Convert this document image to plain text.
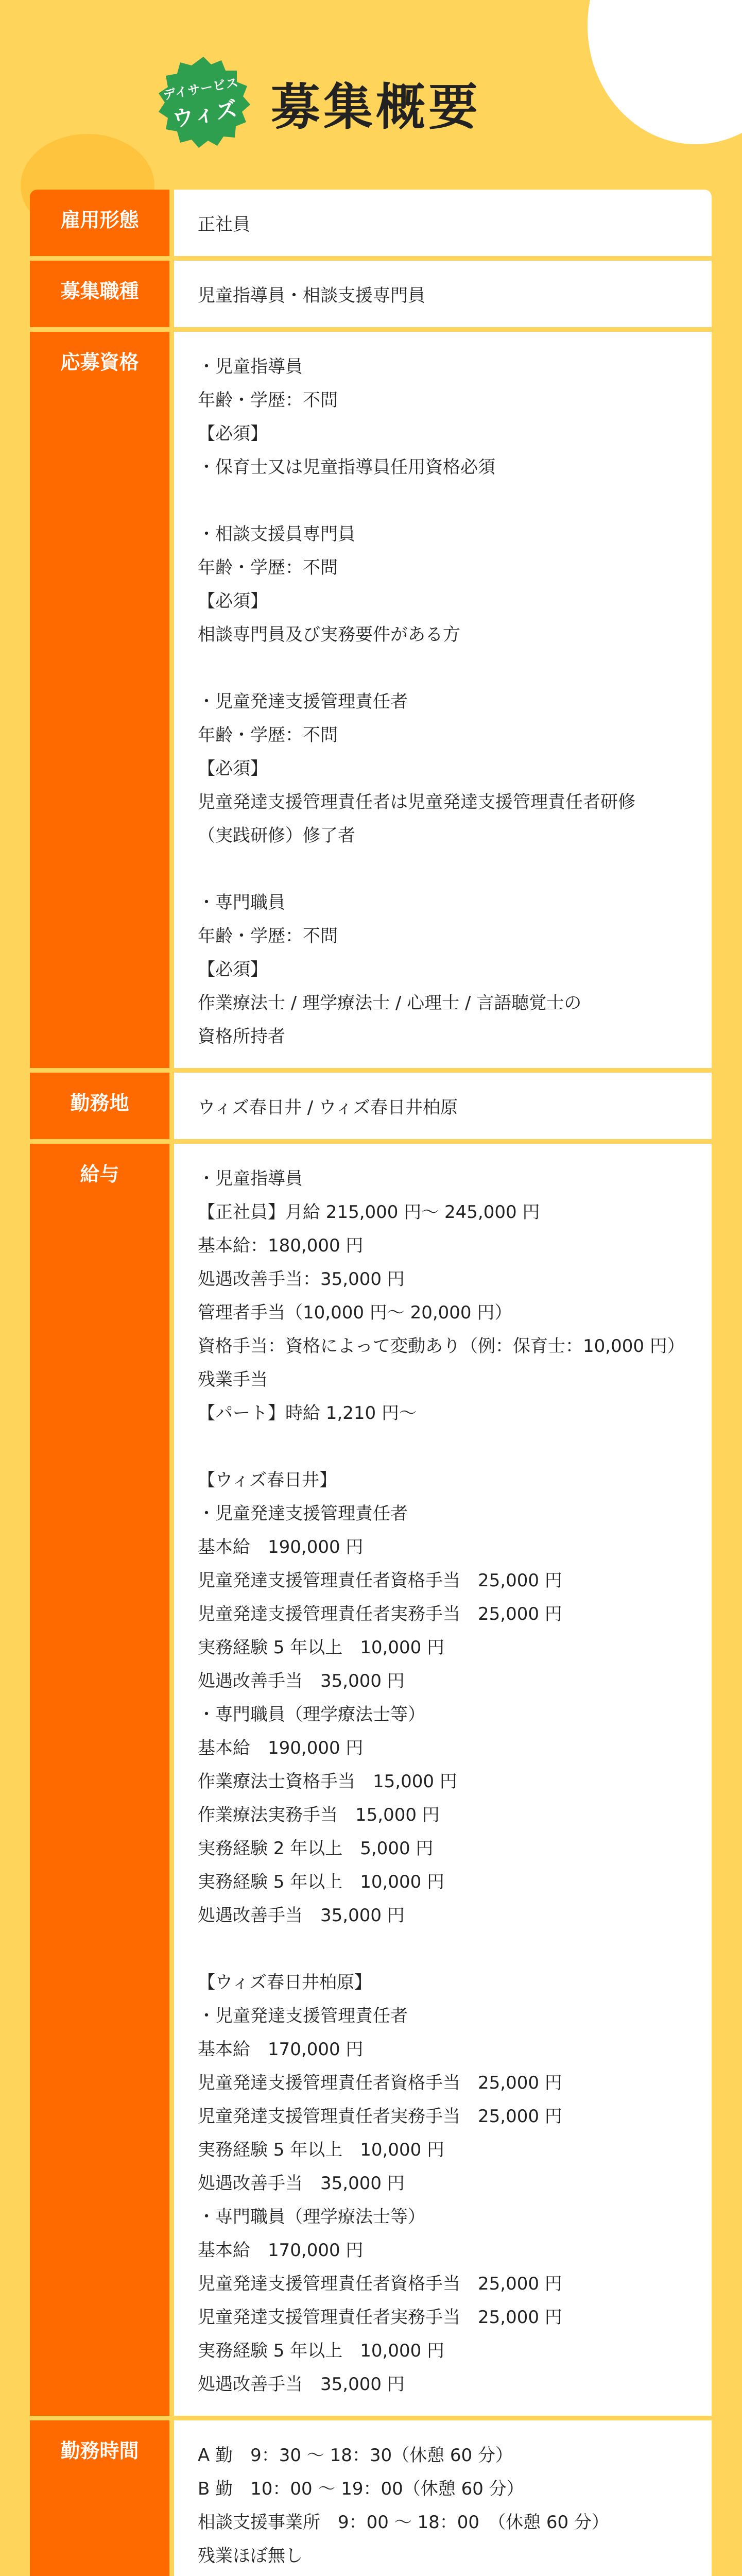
デイサービス
ウィズ 募集概要
雇用形態	正社員
募集職種	児童指導員・相談支援専門員
応募資格	・児童指導員
年齢・学歴：不問
【必須】
・保育士又は児童指導員任用資格必須
・相談支援員専門員
年齢・学歴：不問
【必須】
相談専門員及び実務要件がある方
・児童発達支援管理責任者
年齢・学歴：不問
【必須】
児童発達支援管理責任者は児童発達支援管理責任者研修
（実践研修）修了者
・専門職員
年齢・学歴：不問
【必須】
作業療法士 / 理学療法士 / 心理士 / 言語聴覚士の
資格所持者
勤務地	ウィズ春日井 / ウィズ春日井柏原
給与	・児童指導員
【正社員】月給 215,000 円〜 245,000 円
基本給：180,000 円
処遇改善手当：35,000 円
管理者手当（10,000 円〜 20,000 円）
資格手当：資格によって変動あり（例：保育士：10,000 円）
残業手当
【パート】時給 1,210 円〜
【ウィズ春日井】
・児童発達支援管理責任者
基本給　190,000 円
児童発達支援管理責任者資格手当　25,000 円
児童発達支援管理責任者実務手当　25,000 円
実務経験 5 年以上　10,000 円
処遇改善手当　35,000 円
・専門職員（理学療法士等）
基本給　190,000 円
作業療法士資格手当　15,000 円
作業療法実務手当　15,000 円
実務経験 2 年以上　5,000 円
実務経験 5 年以上　10,000 円
処遇改善手当　35,000 円
【ウィズ春日井柏原】
・児童発達支援管理責任者
基本給　170,000 円
児童発達支援管理責任者資格手当　25,000 円
児童発達支援管理責任者実務手当　25,000 円
実務経験 5 年以上　10,000 円
処遇改善手当　35,000 円
・専門職員（理学療法士等）
基本給　170,000 円
児童発達支援管理責任者資格手当　25,000 円
児童発達支援管理責任者実務手当　25,000 円
実務経験 5 年以上　10,000 円
処遇改善手当　35,000 円
勤務時間	A 勤　9：30 〜 18：30（休憩 60 分）
B 勤　10：00 〜 19：00（休憩 60 分）
相談支援事業所　9：00 〜 18：00　（休憩 60 分）
残業ほぼ無し
